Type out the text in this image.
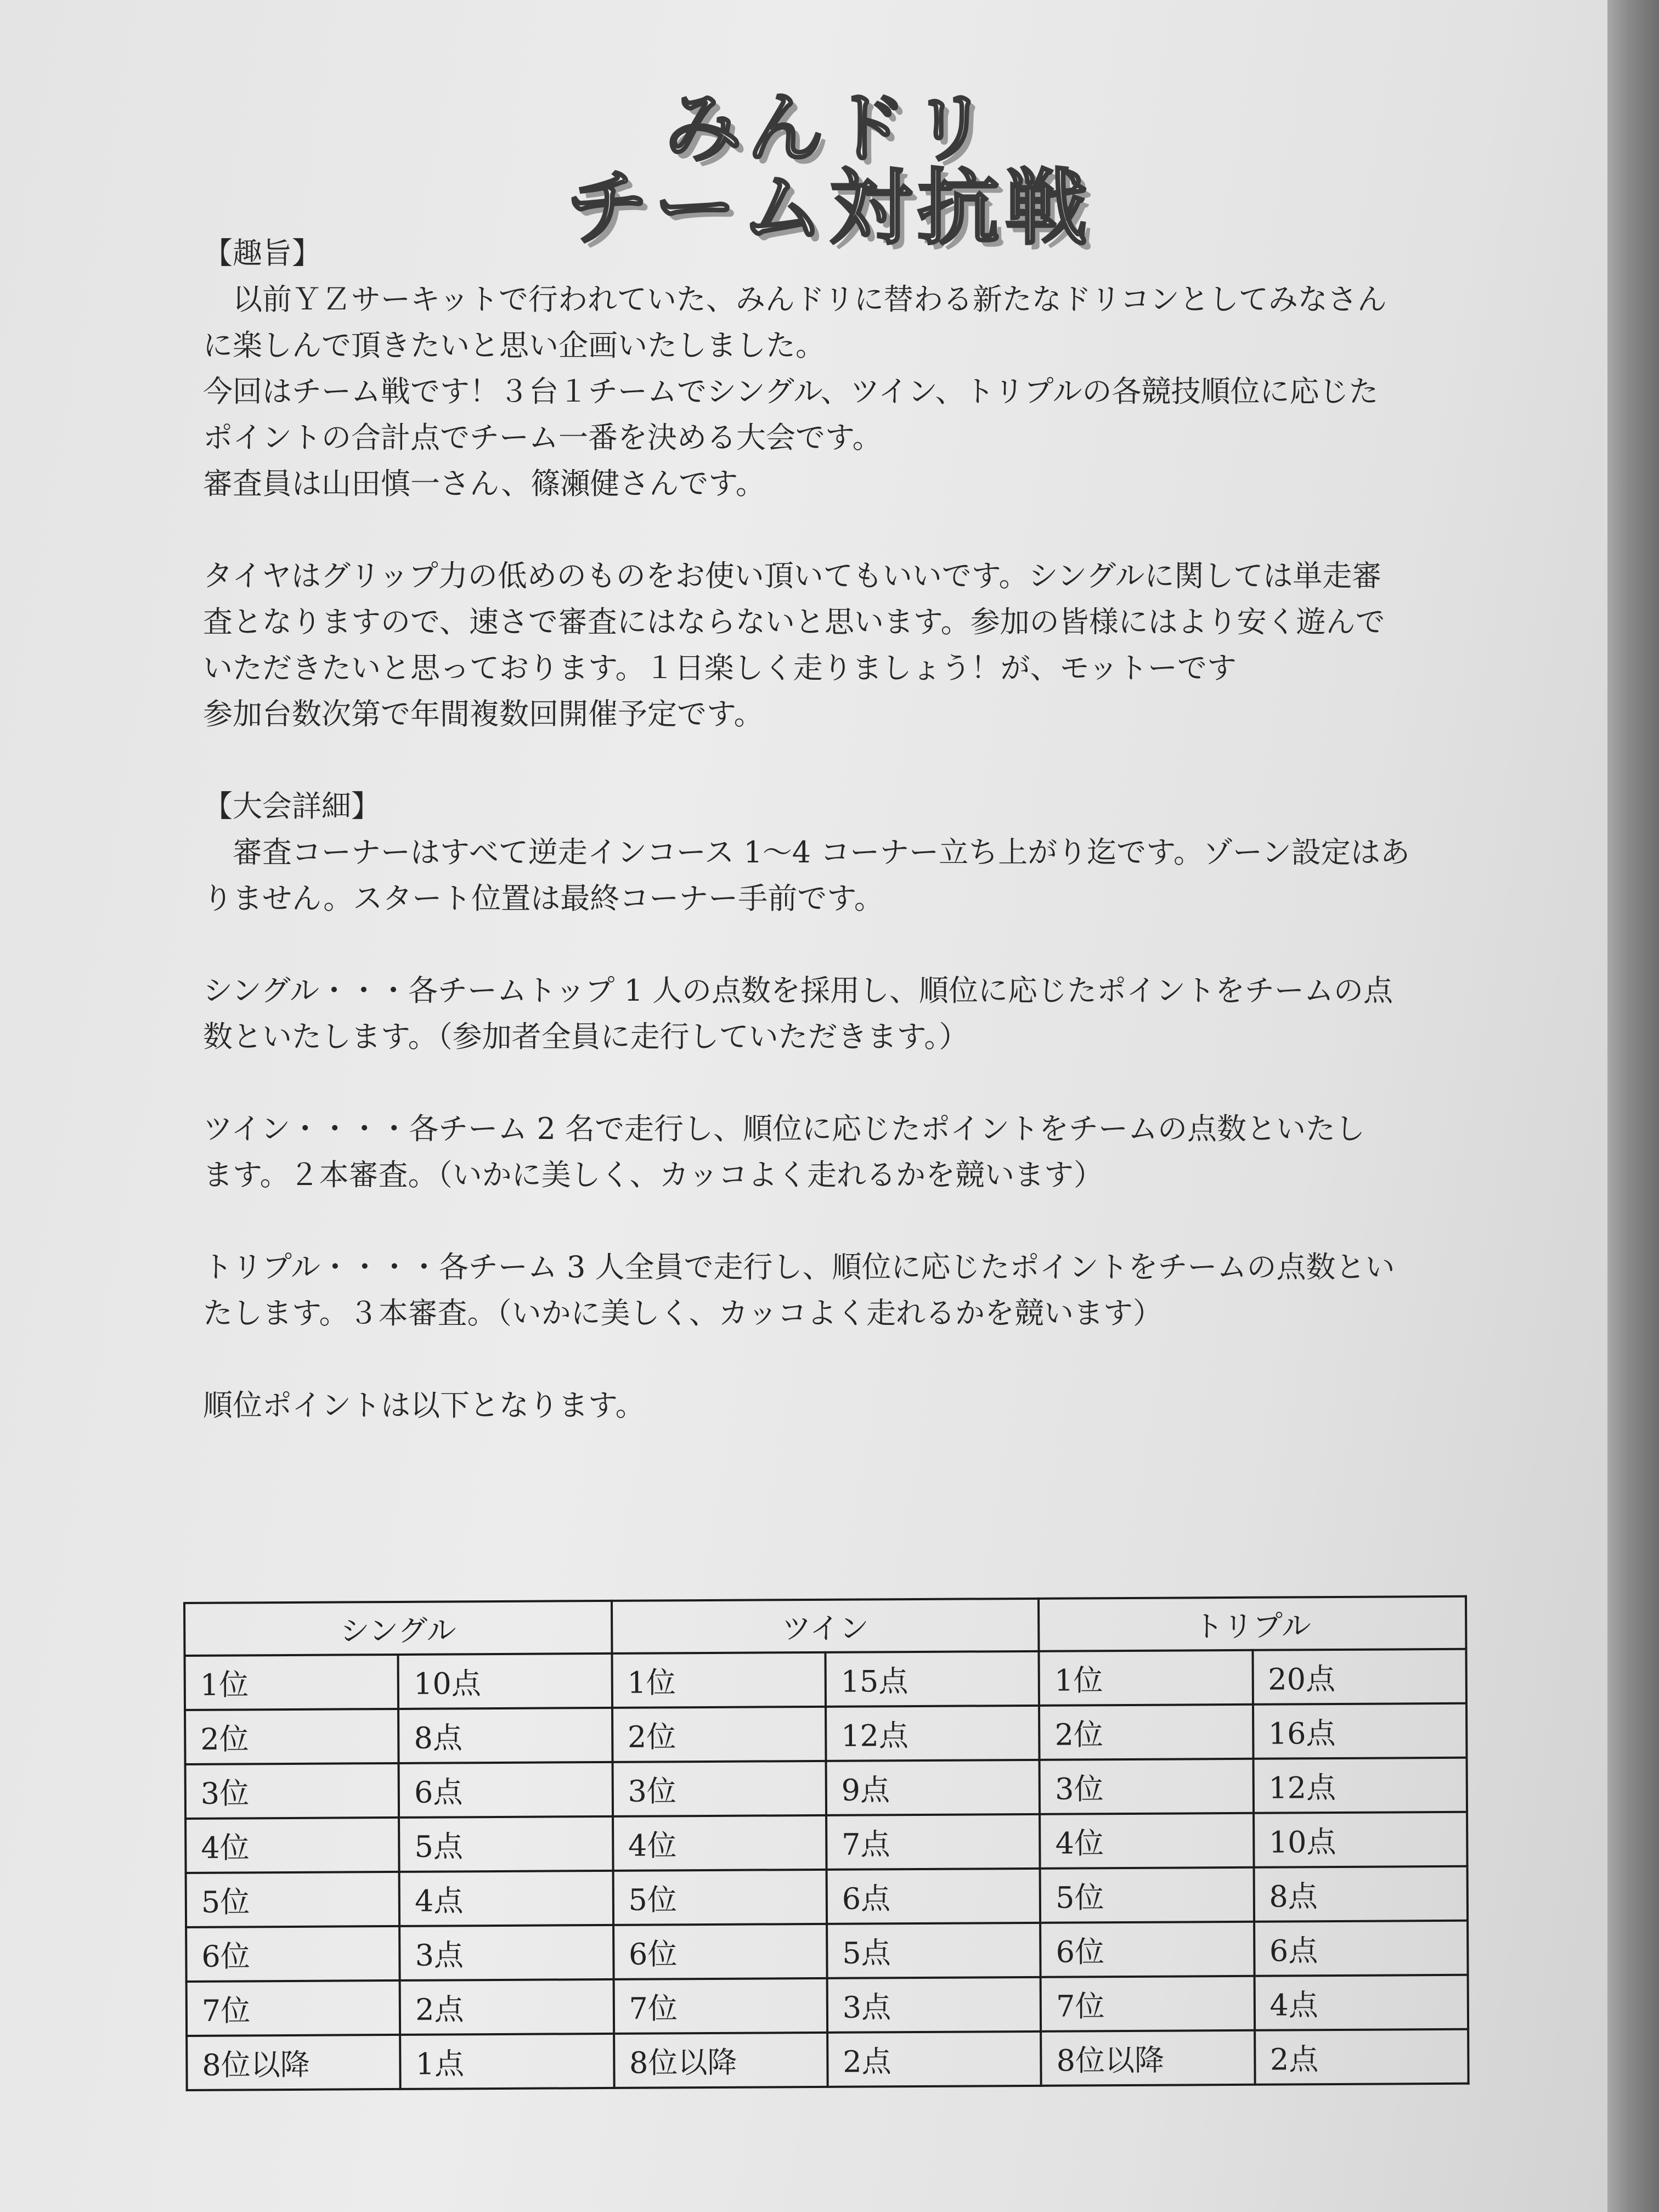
みんドリ
チーム対抗戦
【趣旨】

以前ＹＺサーキットで行われていた、みんドリに替わる新たなドリコンとしてみなさん

に楽しんで頂きたいと思い企画いたしました。

今回はチーム戦です！３台１チームでシングル、ツイン、トリプルの各競技順位に応じた

ポイントの合計点でチーム一番を決める大会です。

審査員は山田慎一さん、篠瀬健さんです。

タイヤはグリップ力の低めのものをお使い頂いてもいいです。シングルに関しては単走審

査となりますので、速さで審査にはならないと思います。参加の皆様にはより安く遊んで

いただきたいと思っております。１日楽しく走りましょう！が、モットーです

参加台数次第で年間複数回開催予定です。

【大会詳細】

審査コーナーはすべて逆走インコース 1～4 コーナー立ち上がり迄です。ゾーン設定はあ

りません。スタート位置は最終コーナー手前です。

シングル・・・各チームトップ 1 人の点数を採用し、順位に応じたポイントをチームの点

数といたします。（参加者全員に走行していただきます。）

ツイン・・・・各チーム 2 名で走行し、順位に応じたポイントをチームの点数といたし

ます。２本審査。（いかに美しく、カッコよく走れるかを競います）

トリプル・・・・各チーム 3 人全員で走行し、順位に応じたポイントをチームの点数とい

たします。３本審査。（いかに美しく、カッコよく走れるかを競います）

順位ポイントは以下となります。

シングル		ツイン		トリプル	
1位	10点	1位	15点	1位	20点
2位	8点	2位	12点	2位	16点
3位	6点	3位	9点	3位	12点
4位	5点	4位	7点	4位	10点
5位	4点	5位	6点	5位	8点
6位	3点	6位	5点	6位	6点
7位	2点	7位	3点	7位	4点
8位以降	1点	8位以降	2点	8位以降	2点
